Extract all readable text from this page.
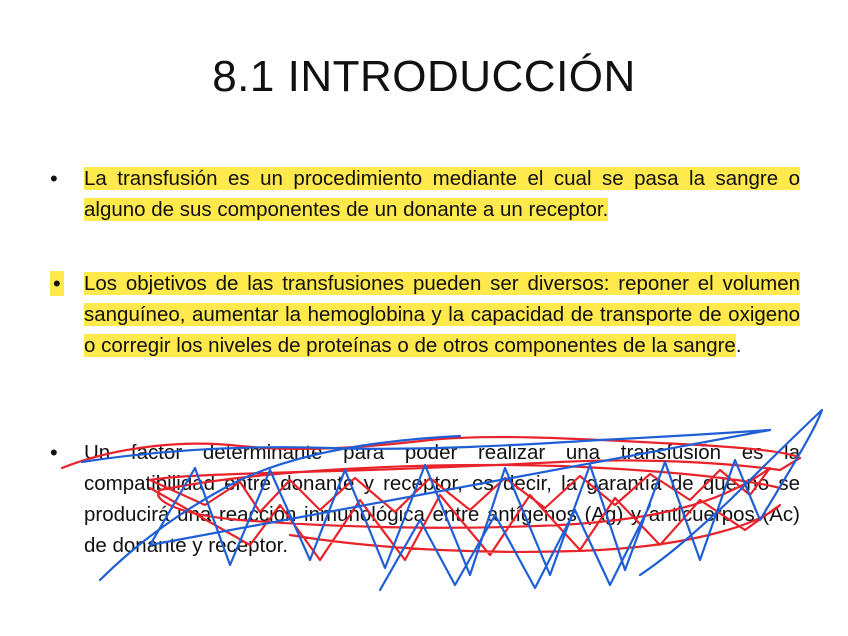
8.1 INTRODUCCIÓN
•	La transfusión es un procedimiento mediante el cual se pasa la sangre o alguno de sus componentes de un donante a un receptor.
•	Los objetivos de las transfusiones pueden ser diversos: reponer el volumen sanguíneo, aumentar la hemoglobina y la capacidad de transporte de oxigeno o corregir los niveles de proteínas o de otros componentes de la sangre.
•	Un factor determinante para poder realizar una transfusión es la compatibilidad entre donante y receptor, es decir, la garantía de que no se producirá una reacción inmunológica entre antígenos (Ag) y anticuerpos (Ac) de donante y receptor.
